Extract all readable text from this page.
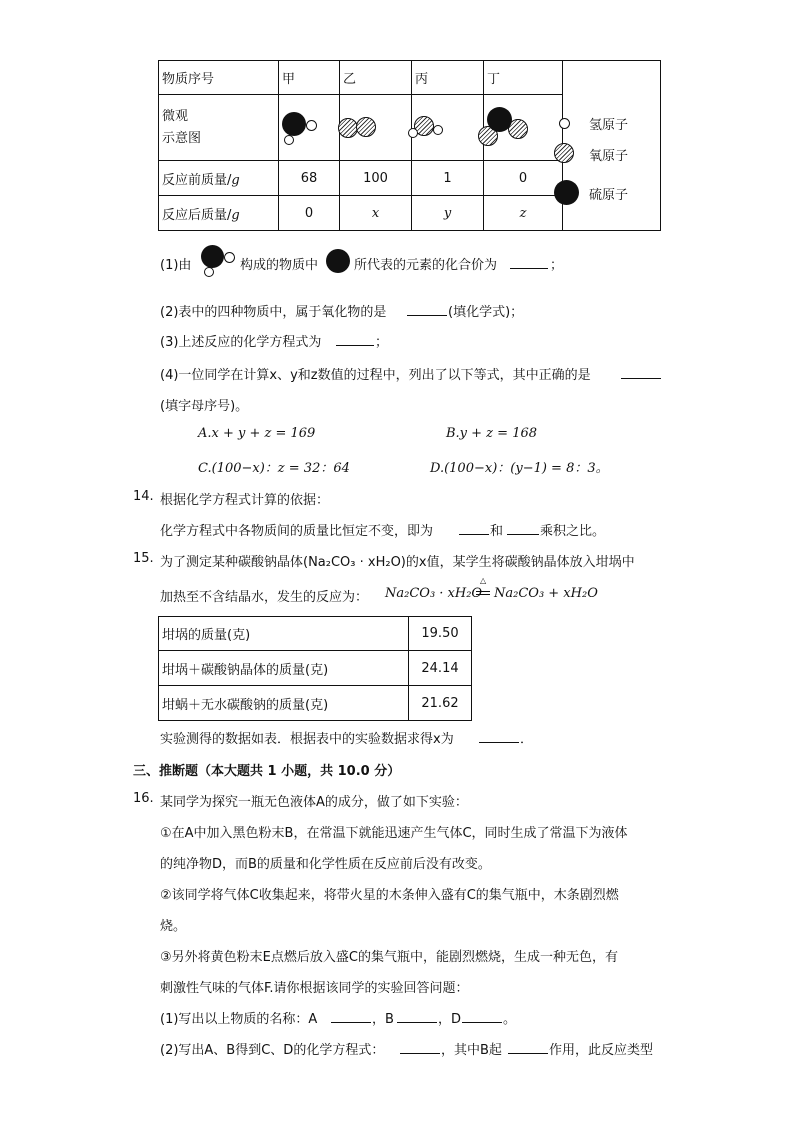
物质序号	甲	乙	丙	丁	

微观
示意图					

反应前质量/g	68	100	1	0	
反应后质量/g	0	x	y	z	
氢原子
氧原子
硫原子
(1)由	构成的物质中	所代表的元素的化合价为	；
(2)表中的四种物质中，属于氧化物的是	(填化学式)；
(3)上述反应的化学方程式为	；
(4)一位同学在计算x、y和z数值的过程中，列出了以下等式，其中正确的是
(填字母序号)。
A.x + y + z = 169	B.y + z = 168
C.(100−x)：z = 32：64	D.(100−x)：(y−1) = 8：3。
14. 根据化学方程式计算的依据：
化学方程式中各物质间的质量比恒定不变，即为	和	乘积之比。
15. 为了测定某种碳酸钠晶体(Na₂CO₃ · xH₂O)的x值，某学生将碳酸钠晶体放入坩埚中
加热至不含结晶水，发生的反应为： Na₂CO₃ · xH₂O
△
Na₂CO₃ + xH₂O
坩埚的质量(克)	19.50
坩埚＋碳酸钠晶体的质量(克)	24.14
坩蜗＋无水碳酸钠的质量(克)	21.62
实验测得的数据如表．根据表中的实验数据求得x为	．
三、推断题（本大题共 1 小题，共 10.0 分）
16. 某同学为探究一瓶无色液体A的成分，做了如下实验：
①在A中加入黑色粉末B，在常温下就能迅速产生气体C，同时生成了常温下为液体
的纯净物D，而B的质量和化学性质在反应前后没有改变。
②该同学将气体C收集起来，将带火星的木条伸入盛有C的集气瓶中，木条剧烈燃
烧。
③另外将黄色粉末E点燃后放入盛C的集气瓶中，能剧烈燃烧，生成一种无色，有
刺激性气味的气体F.请你根据该同学的实验回答问题：
(1)写出以上物质的名称：A	，B	，D	。
(2)写出A、B得到C、D的化学方程式：	，其中B起	作用，此反应类型
